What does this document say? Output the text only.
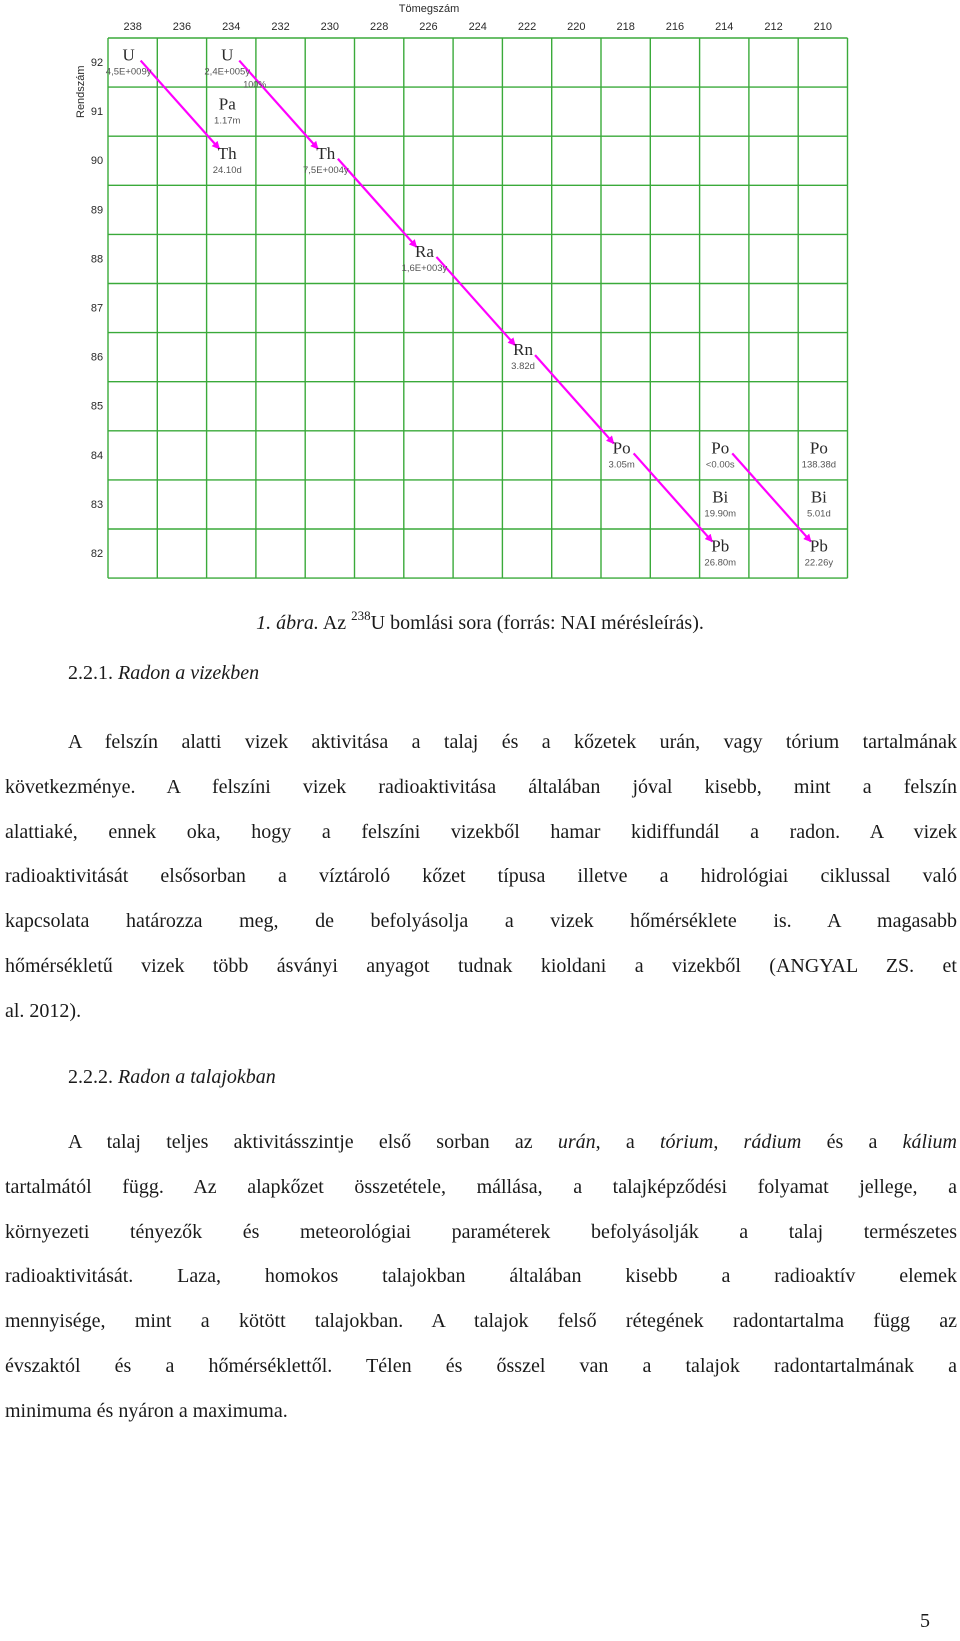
Tömegszám
Rendszám
238	236	234	232	230	228	226	224	222	220	218	216	214	212	210
92
91
90
89
88
87
86
85
84
83
82
U
4,5E+009y
U
2,4E+005y
Pa
1.17m
Th
24.10d
Th
7,5E+004y
Ra
1,6E+003y
Rn
3.82d
Po
3.05m
Po
<0.00s
Bi
19.90m
Pb
26.80m
Po
138.38d
Bi
5.01d
Pb
22.26y
100%
1. ábra. Az $^{238}$U bomlási sora (forrás: NAI mérésleírás).
2.2.1. Radon a vizekben
A felszín alatti vizek aktivitása a talaj és a kőzetek urán, vagy tórium tartalmának
következménye. A felszíni vizek radioaktivitása általában jóval kisebb, mint a felszín
alattiaké, ennek oka, hogy a felszíni vizekből hamar kidiffundál a radon. A vizek
radioaktivitását elsősorban a víztároló kőzet típusa illetve a hidrológiai ciklussal való
kapcsolata határozza meg, de befolyásolja a vizek hőmérséklete is. A magasabb
hőmérsékletű vizek több ásványi anyagot tudnak kioldani a vizekből (ANGYAL ZS. et
al. 2012).
2.2.2. Radon a talajokban
A talaj teljes aktivitásszintje első sorban az urán, a tórium, rádium és a kálium
tartalmától függ. Az alapkőzet összetétele, mállása, a talajképződési folyamat jellege, a
környezeti tényezők és meteorológiai paraméterek befolyásolják a talaj természetes
radioaktivitását. Laza, homokos talajokban általában kisebb a radioaktív elemek
mennyisége, mint a kötött talajokban. A talajok felső rétegének radontartalma függ az
évszaktól és a hőmérséklettől. Télen és ősszel van a talajok radontartalmának a
minimuma és nyáron a maximuma.
5
